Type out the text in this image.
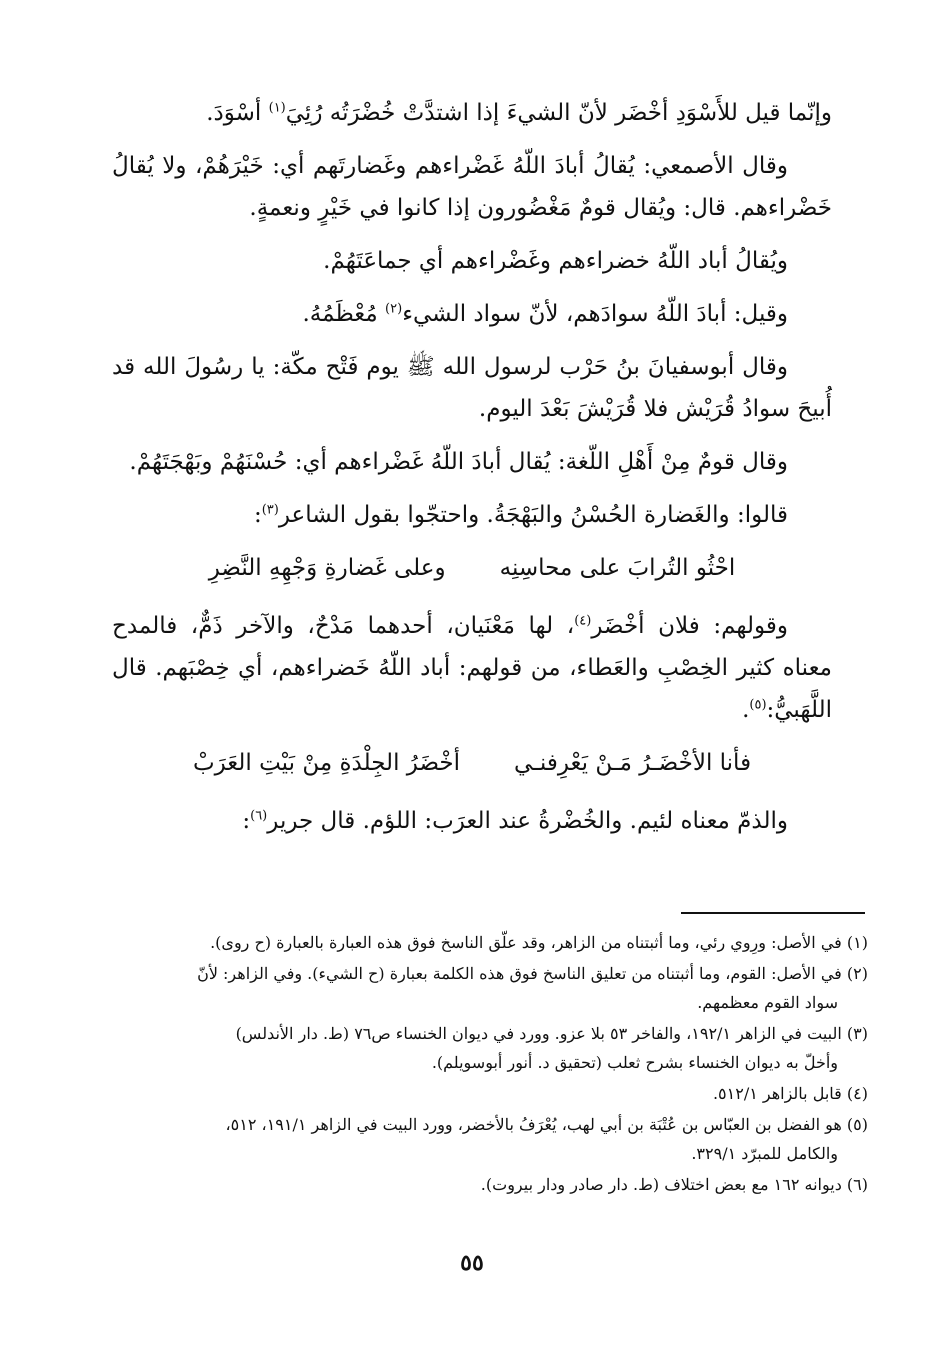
وإنّما قيل للأَسْوَدِ أخْضَر لأنّ الشيءَ إذا اشتدَّتْ خُضْرَتُه رُئِيَ$^{(١)}$ أسْوَدَ.

وقال الأصمعي: يُقالُ أبادَ اللّهُ غَضْراءهم وغَضارتَهم أي: خَيْرَهُمْ، ولا يُقالُ خَضْراءهم. قال: ويُقال قومٌ مَغْضُورون إذا كانوا في خَيْرٍ ونعمةٍ.

ويُقالُ أباد اللّهُ خضراءهم وغَضْراءهم أي جماعَتَهُمْ.

وقيل: أبادَ اللّهُ سوادَهم، لأنّ سواد الشيء$^{(٢)}$ مُعْظَمُهُ.

وقال أبوسفيانَ بنُ حَرْب لرسول الله ﷺ يوم فَتْح مكّة: يا رسُولَ الله قد أُبيحَ سوادُ قُرَيْش فلا قُرَيْشَ بَعْدَ اليوم.

وقال قومٌ مِنْ أَهْلِ اللّغة: يُقال أبادَ اللّهُ غَضْراءهم أي: حُسْنَهُمْ وبَهْجَتَهُمْ.

قالوا: والغَضارة الحُسْنُ والبَهْجَةُ. واحتجّوا بقول الشاعر$^{(٣)}$:

احْثُو التُرابَ على محاسِنِه
وعلى غَضارةِ وَجْهِهِ النَّضِرِ

وقولهم: فلان أخْضَر$^{(٤)}$، لها مَعْنَيان، أحدهما مَدْحٌ، والآخر ذَمٌّ، فالمدح معناه كثير الخِصْبِ والعَطاء، من قولهم: أباد اللّهُ خَضراءهم، أي خِصْبَهم. قال اللَّهَبيُّ:$^{(٥)}$.

فأنا الأخْضَـرُ مَـنْ يَعْرِفنـي
أخْضَرُ الجِلْدَةِ مِنْ بَيْتِ العَرَبْ

والذمّ معناه لئيم. والخُضْرةُ عند العرَب: اللؤم. قال جرير$^{(٦)}$:

(١) في الأصل: ورِوي رئي، وما أثبتناه من الزاهر، وقد علّق الناسخ فوق هذه العبارة بالعبارة (ح روى).
(٢) في الأصل: القوم، وما أثبتناه من تعليق الناسخ فوق هذه الكلمة بعبارة (ح الشيء). وفي الزاهر: لأنّ
سواد القوم معظمهم.
(٣) البيت في الزاهر ١٩٢/١، والفاخر ٥٣ بلا عزو. وورد في ديوان الخنساء ص٧٦ (ط. دار الأندلس)
وأخلّ به ديوان الخنساء بشرح ثعلب (تحقيق د. أنور أبوسويلم).
(٤) قابل بالزاهر ٥١٢/١.
(٥) هو الفضل بن العبّاس بن عُتْبَة بن أبي لهب، يُعْرَفُ بالأخضر، وورد البيت في الزاهر ١٩١/١، ٥١٢،
والكامل للمبرّد ٣٢٩/١.
(٦) ديوانه ١٦٢ مع بعض اختلاف (ط. دار صادر ودار بيروت).
٥٥
